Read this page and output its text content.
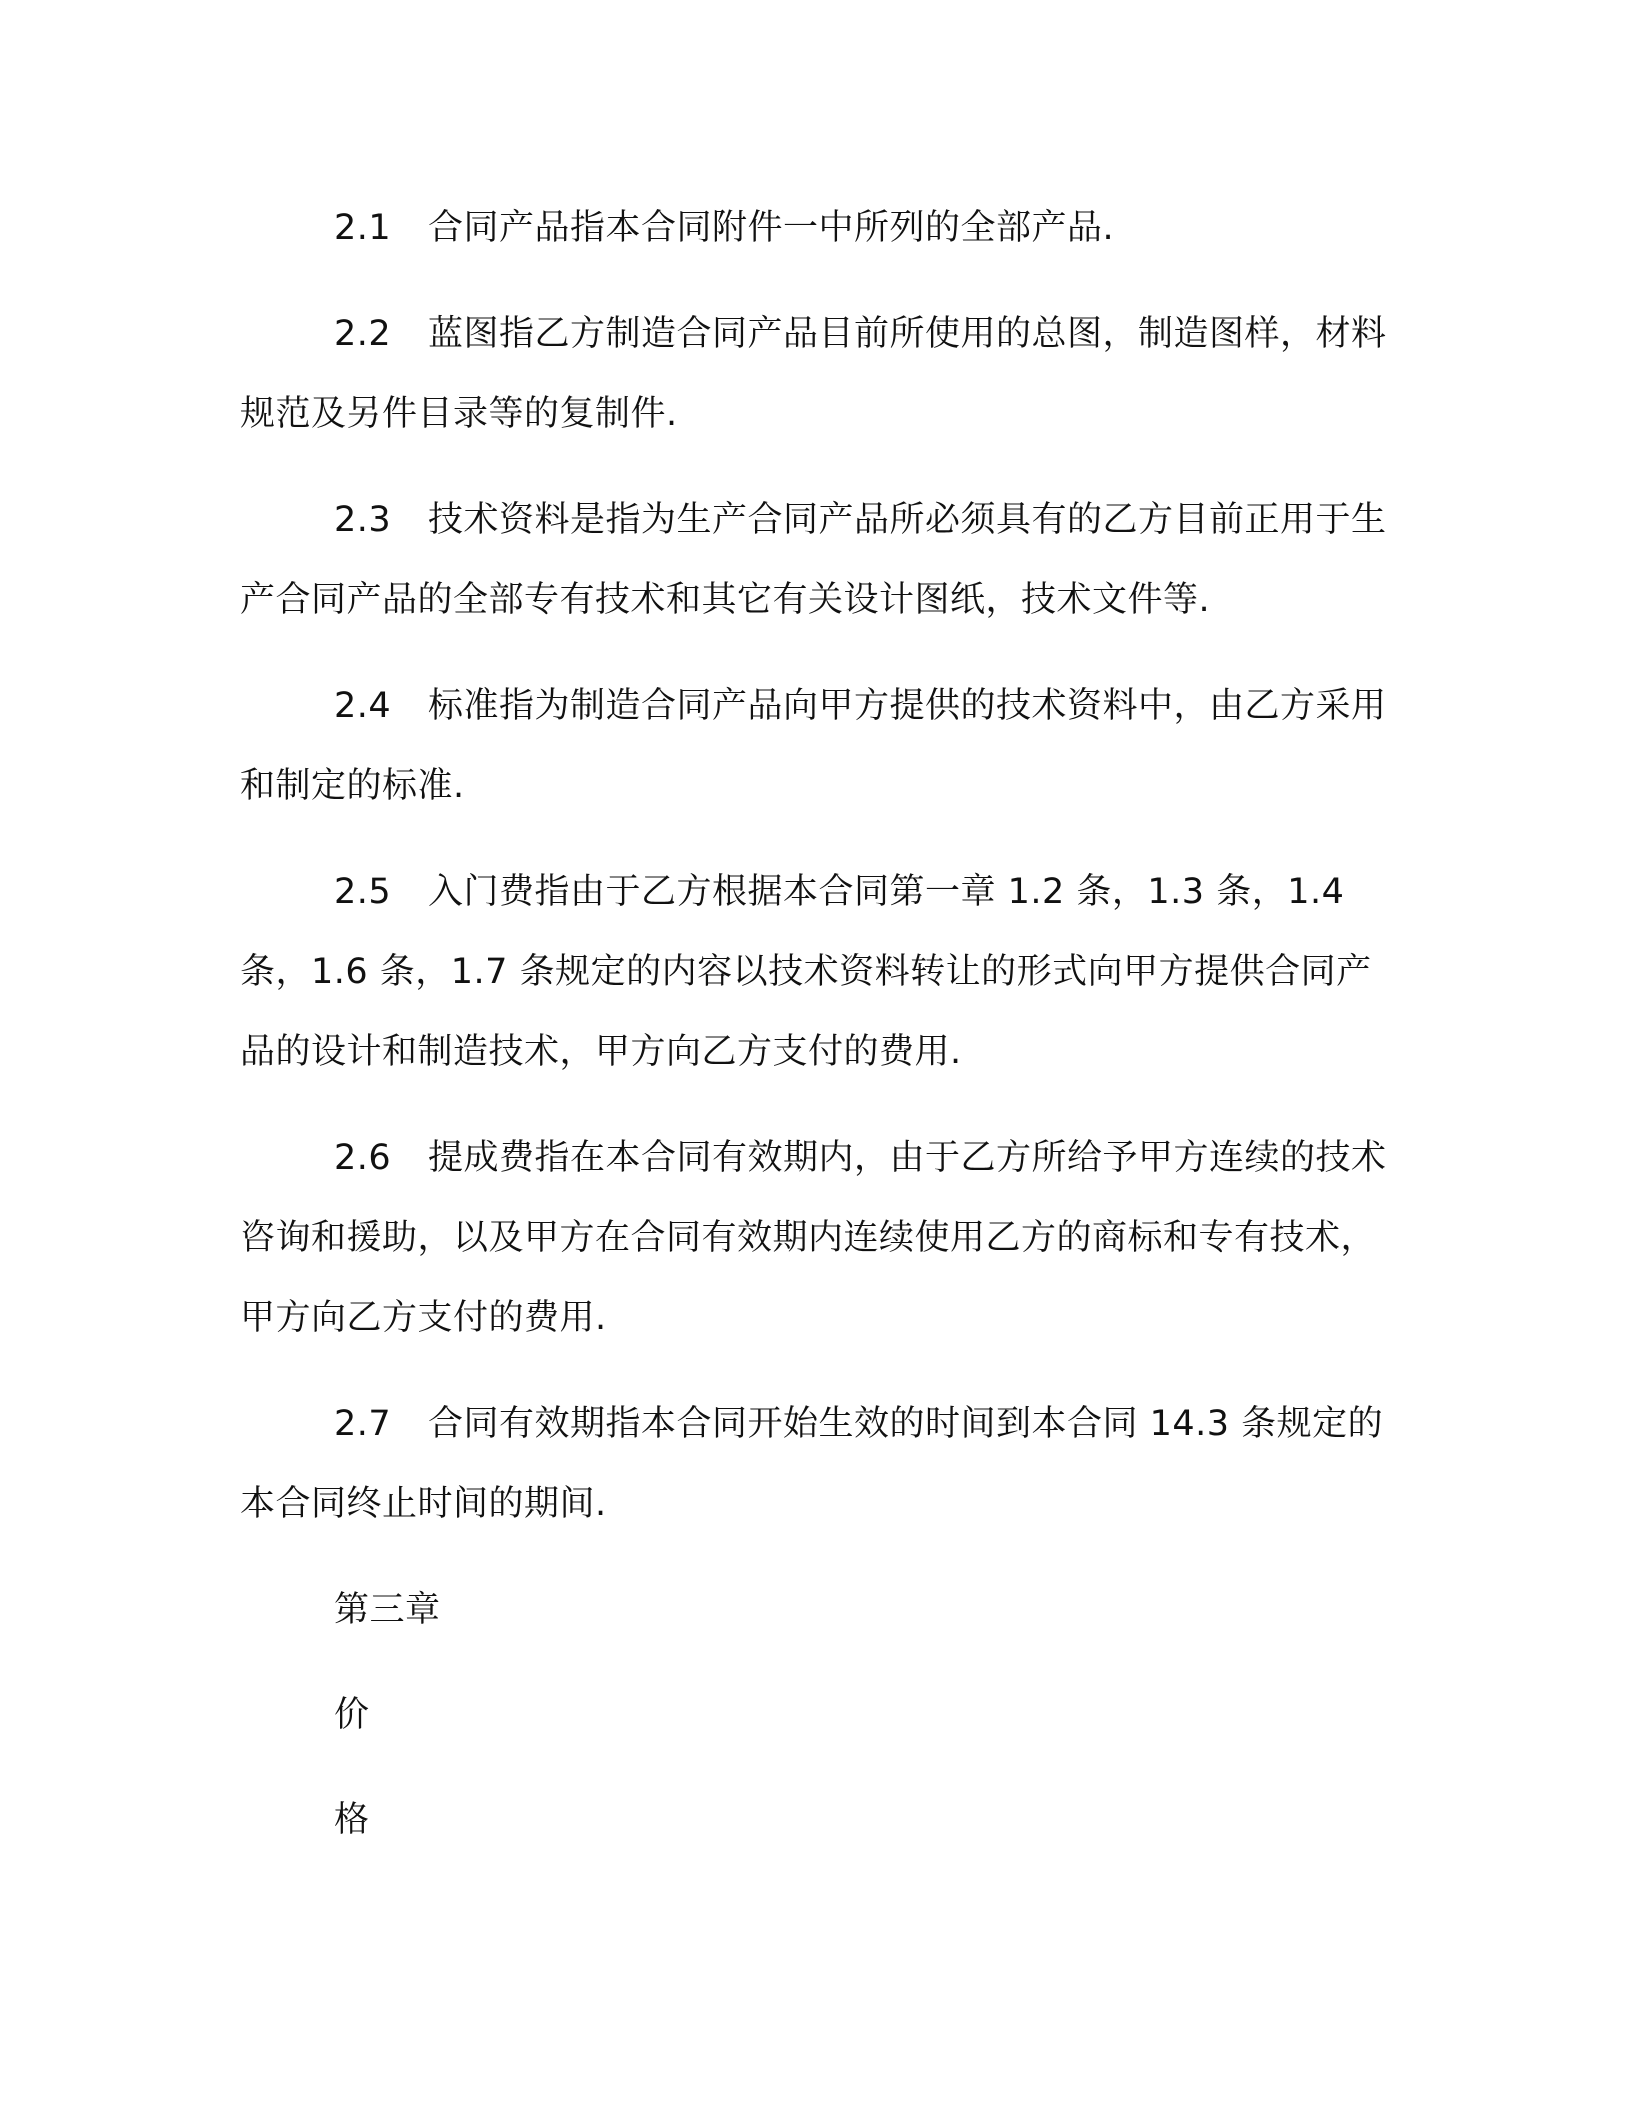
2.1 合同产品指本合同附件一中所列的全部产品.

2.2 蓝图指乙方制造合同产品目前所使用的总图，制造图样，材料规范及另件目录等的复制件.

2.3 技术资料是指为生产合同产品所必须具有的乙方目前正用于生产合同产品的全部专有技术和其它有关设计图纸，技术文件等.

2.4 标准指为制造合同产品向甲方提供的技术资料中，由乙方采用和制定的标准.

2.5 入门费指由于乙方根据本合同第一章 1.2 条，1.3 条，1.4 条，1.6 条，1.7 条规定的内容以技术资料转让的形式向甲方提供合同产品的设计和制造技术，甲方向乙方支付的费用.

2.6 提成费指在本合同有效期内，由于乙方所给予甲方连续的技术咨询和援助，以及甲方在合同有效期内连续使用乙方的商标和专有技术，甲方向乙方支付的费用.

2.7 合同有效期指本合同开始生效的时间到本合同 14.3 条规定的本合同终止时间的期间.

第三章

价

格
